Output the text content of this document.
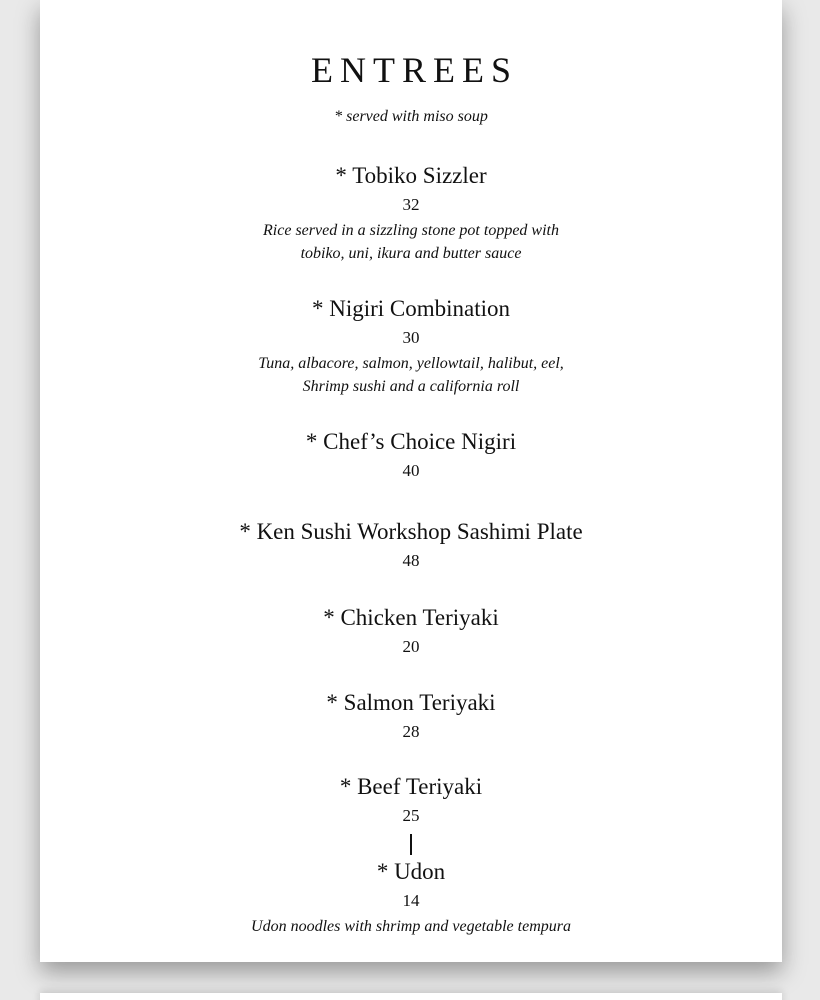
ENTREES
* served with miso soup
* Tobiko Sizzler
32
Rice served in a sizzling stone pot topped with
tobiko, uni, ikura and butter sauce
* Nigiri Combination
30
Tuna, albacore, salmon, yellowtail, halibut, eel,
Shrimp sushi and a california roll
* Chef’s Choice Nigiri
40
* Ken Sushi Workshop Sashimi Plate
48
* Chicken Teriyaki
20
* Salmon Teriyaki
28
* Beef Teriyaki
25
* Udon
14
Udon noodles with shrimp and vegetable tempura
